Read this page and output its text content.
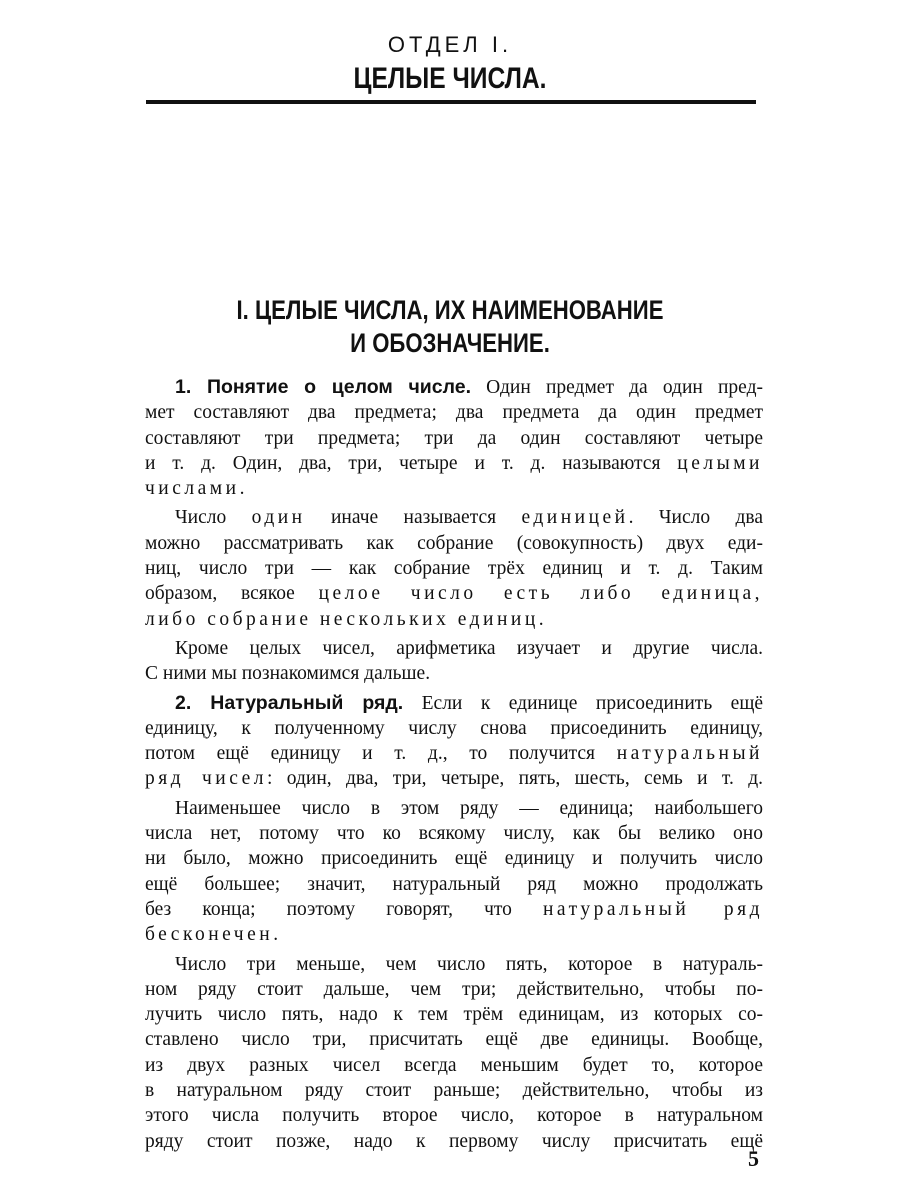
ОТДЕЛ I.
ЦЕЛЫЕ ЧИСЛА.
I. ЦЕЛЫЕ ЧИСЛА, ИХ НАИМЕНОВАНИЕ
И ОБОЗНАЧЕНИЕ.
1. Понятие о целом числе. Один предмет да один пред-
мет составляют два предмета; два предмета да один предмет
составляют три предмета; три да один составляют четыре
и т. д. Один, два, три, четыре и т. д. называются целыми
числами.
Число один иначе называется единицей. Число два
можно рассматривать как собрание (совокупность) двух еди-
ниц, число три — как собрание трёх единиц и т. д. Таким
образом, всякое целое число есть либо единица,
либо собрание нескольких единиц.
Кроме целых чисел, арифметика изучает и другие числа.
С ними мы познакомимся дальше.
2. Натуральный ряд. Если к единице присоединить ещё
единицу, к полученному числу снова присоединить единицу,
потом ещё единицу и т. д., то получится натуральный
ряд чисел: один, два, три, четыре, пять, шесть, семь и т. д.
Наименьшее число в этом ряду — единица; наибольшего
числа нет, потому что ко всякому числу, как бы велико оно
ни было, можно присоединить ещё единицу и получить число
ещё большее; значит, натуральный ряд можно продолжать
без конца; поэтому говорят, что натуральный ряд
бесконечен.
Число три меньше, чем число пять, которое в натураль-
ном ряду стоит дальше, чем три; действительно, чтобы по-
лучить число пять, надо к тем трём единицам, из которых со-
ставлено число три, присчитать ещё две единицы. Вообще,
из двух разных чисел всегда меньшим будет то, которое
в натуральном ряду стоит раньше; действительно, чтобы из
этого числа получить второе число, которое в натуральном
ряду стоит позже, надо к первому числу присчитать ещё
5
